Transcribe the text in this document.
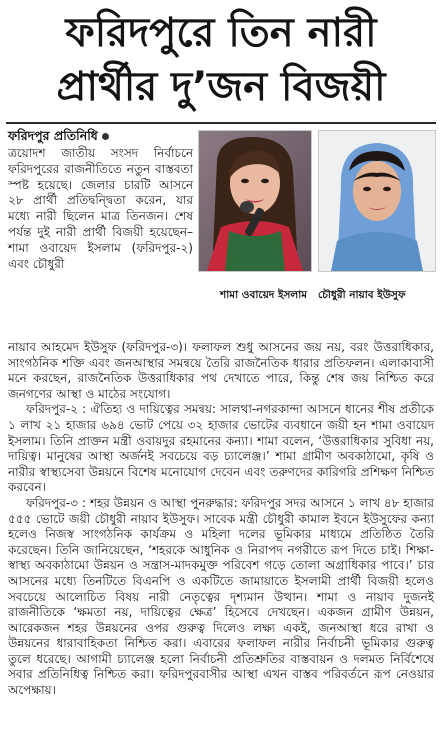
ফরিদপুরে তিন নারী
প্রার্থীর দু’জন বিজয়ী
ফরিদপুর প্রতিনিধি

ত্রয়োদশ জাতীয় সংসদ নির্বাচনে ফরিদপুরের রাজনীতিতে নতুন বাস্তবতা স্পষ্ট হয়েছে। জেলার চারটি আসনে ২৮ প্রার্থী প্রতিদ্বন্দ্বিতা করেন, যার মধ্যে নারী ছিলেন মাত্র তিনজন। শেষ পর্যন্ত দুই নারী প্রার্থী বিজয়ী হয়েছেন– শামা ওবায়েদ ইসলাম (ফরিদপুর-২) এবং চৌধুরী

শামা ওবায়েদ ইসলাম চৌধুরী নায়াব ইউসুফ

নায়াব আহমেদ ইউসুফ (ফরিদপুর-৩)। ফলাফল শুধু আসনের জয় নয়, বরং উত্তরাধিকার, সাংগঠনিক শক্তি এবং জনআস্থার সমন্বয়ে তৈরি রাজনৈতিক ধারার প্রতিফলন। এলাকাবাসী মনে করছেন, রাজনৈতিক উত্তরাধিকার পথ দেখাতে পারে, কিন্তু শেষ জয় নিশ্চিত করে জনগণের আস্থা ও মাঠের সংযোগ।

ফরিদপুর-২ : ঐতিহ্য ও দায়িত্বের সমন্বয়: সালথা-নগরকান্দা আসনে ধানের শীষ প্রতীকে ১ লাখ ২১ হাজার ৬৯৪ ভোট পেয়ে ৩২ হাজার ভোটের ব্যবধানে জয়ী হন শামা ওবায়েদ ইসলাম। তিনি প্রাক্তন মন্ত্রী ওবায়দুর রহমানের কন্যা। শামা বলেন, ‘উত্তরাধিকার সুবিধা নয়, দায়িত্ব। মানুষের আস্থা অর্জনই সবচেয়ে বড় চ্যালেঞ্জ।’ শামা গ্রামীণ অবকাঠামো, কৃষি ও নারীর স্বাস্থ্যসেবা উন্নয়নে বিশেষ মনোযোগ দেবেন এবং তরুণদের কারিগরি প্রশিক্ষণ নিশ্চিত করবেন।

ফরিদপুর-৩ : শহর উন্নয়ন ও আস্থা পুনরুদ্ধার: ফরিদপুর সদর আসনে ১ লাখ ৪৮ হাজার ৫৫৫ ভোটে জয়ী চৌধুরী নায়াব ইউসুফ। সাবেক মন্ত্রী চৌধুরী কামাল ইবনে ইউসুফের কন্যা হলেও নিজস্ব সাংগঠনিক কার্যক্রম ও মহিলা দলের ভূমিকার মাধ্যমে প্রতিষ্ঠিত তৈরি করেছেন। তিনি জানিয়েছেন, ‘শহরকে আধুনিক ও নিরাপদ নগরীতে রূপ দিতে চাই। শিক্ষা-স্বাস্থ্য অবকাঠামো উন্নয়ন ও সন্ত্রাস-মাদকমুক্ত পরিবেশ গড়ে তোলা অগ্রাধিকার পাবে।’ চার আসনের মধ্যে তিনটিতে বিএনপি ও একটিতে জামায়াতে ইসলামী প্রার্থী বিজয়ী হলেও সবচেয়ে আলোচিত বিষয় নারী নেতৃত্বের দৃশ্যমান উত্থান। শামা ও নায়াব দুজনই রাজনীতিকে ‘ক্ষমতা নয়, দায়িত্বের ক্ষেত্র’ হিসেবে দেখছেন। একজন গ্রামীণ উন্নয়ন, আরেকজন শহর উন্নয়নের ওপর গুরুত্ব দিলেও লক্ষ্য একই, জনআস্থা ধরে রাখা ও উন্নয়নের ধারাবাহিকতা নিশ্চিত করা। এবারের ফলাফল নারীর নির্বাচনী ভূমিকার গুরুত্ব তুলে ধরেছে। আগামী চ্যালেঞ্জ হলো নির্বাচনী প্রতিশ্রুতির বাস্তবায়ন ও দলমত নির্বিশেষে সবার প্রতিনিধিত্ব নিশ্চিত করা। ফরিদপুরবাসীর আস্থা এখন বাস্তব পরিবর্তনে রূপ নেওয়ার অপেক্ষায়।
